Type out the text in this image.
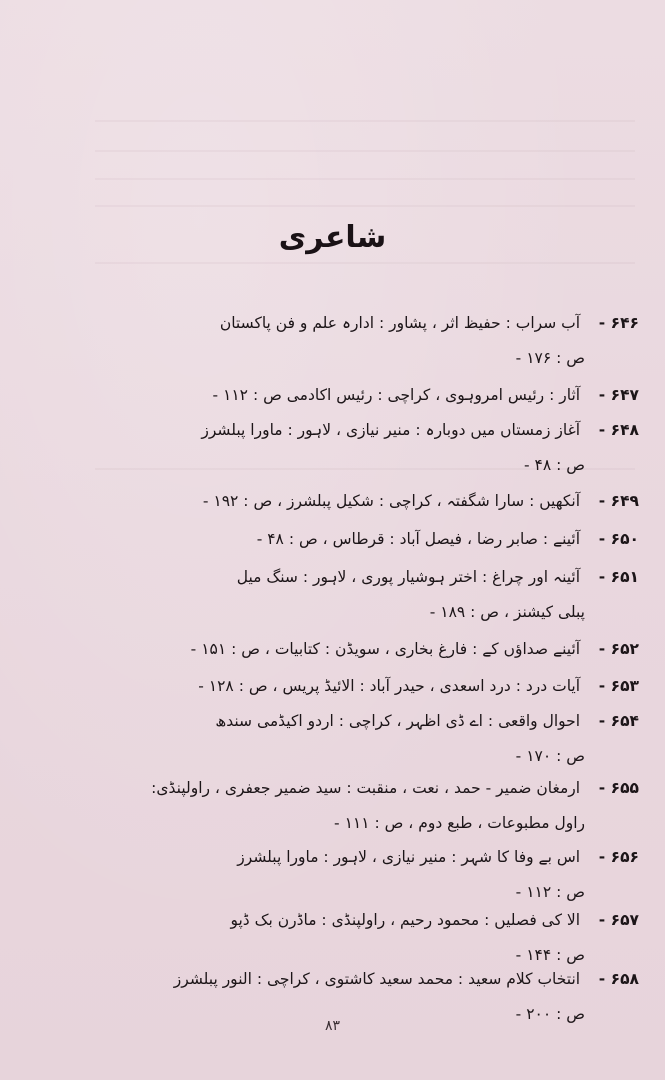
شاعری
۶۴۶ - آب سراب : حفیظ اثر ، پشاور : ادارہ علم و فن پاکستان
ص : ۱۷۶ -
۶۴۷ - آثار : رئیس امروہوی ، کراچی : رئیس اکادمی ص : ۱۱۲ -
۶۴۸ - آغاز زمستاں میں دوبارہ : منیر نیازی ، لاہور : ماورا پبلشرز
ص : ۴۸ -
۶۴۹ - آنکھیں : سارا شگفتہ ، کراچی : شکیل پبلشرز ، ص : ۱۹۲ -
۶۵۰ - آئینے : صابر رضا ، فیصل آباد : قرطاس ، ص : ۴۸ -
۶۵۱ - آئینہ اور چراغ : اختر ہوشیار پوری ، لاہور : سنگ میل
پبلی کیشنز ، ص : ۱۸۹ -
۶۵۲ - آئینے صداؤں کے : فارغ بخاری ، سویڈن : کتابیات ، ص : ۱۵۱ -
۶۵۳ - آیات درد : درد اسعدی ، حیدر آباد : الائیڈ پریس ، ص : ۱۲۸ -
۶۵۴ - احوال واقعی : اے ڈی اظہر ، کراچی : اردو اکیڈمی سندھ
ص : ۱۷۰ -
۶۵۵ - ارمغان ضمیر - حمد ، نعت ، منقبت : سید ضمیر جعفری ، راولپنڈی:
راول مطبوعات ، طبع دوم ، ص : ۱۱۱ -
۶۵۶ - اس بے وفا کا شہر : منیر نیازی ، لاہور : ماورا پبلشرز
ص : ۱۱۲ -
۶۵۷ - الا کی فصلیں : محمود رحیم ، راولپنڈی : ماڈرن بک ڈپو
ص : ۱۴۴ -
۶۵۸ - انتخاب کلام سعید : محمد سعید کاشتوی ، کراچی : النور پبلشرز
ص : ۲۰۰ -
۸۳
